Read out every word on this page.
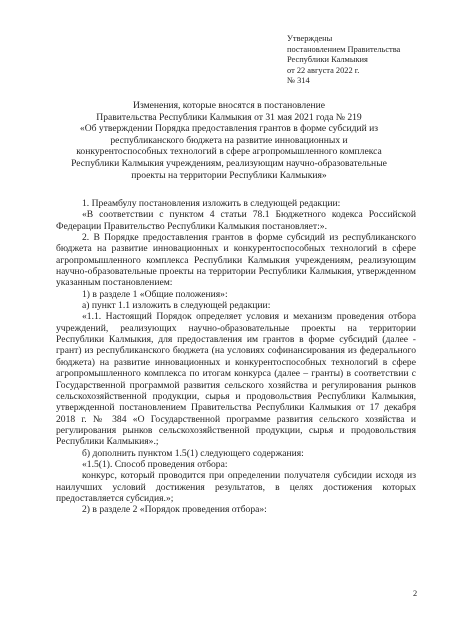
Утверждены
постановлением Правительства
Республики Калмыкия
от 22 августа 2022 г.
№ 314
Изменения, которые вносятся в постановление
Правительства Республики Калмыкия от 31 мая 2021 года № 219
«Об утверждении Порядка предоставления грантов в форме субсидий из
республиканского бюджета на развитие инновационных и
конкурентоспособных технологий в сфере агропромышленного комплекса
Республики Калмыкия учреждениям, реализующим научно-образовательные
проекты на территории Республики Калмыкия»

1. Преамбулу постановления изложить в следующей редакции:

«В соответствии с пунктом 4 статьи 78.1 Бюджетного кодекса Российской Федерации Правительство Республики Калмыкия постановляет:».

2. В Порядке предоставления грантов в форме субсидий из республиканского бюджета на развитие инновационных и конкурентоспособных технологий в сфере агропромышленного комплекса Республики Калмыкия учреждениям, реализующим научно-образовательные проекты на территории Республики Калмыкия, утвержденном указанным постановлением:

1) в разделе 1 «Общие положения»:

а) пункт 1.1 изложить в следующей редакции:

«1.1. Настоящий Порядок определяет условия и механизм проведения отбора учреждений, реализующих научно-образовательные проекты на территории Республики Калмыкия, для предоставления им грантов в форме субсидий (далее - грант) из республиканского бюджета (на условиях софинансирования из федерального бюджета) на развитие инновационных и конкурентоспособных технологий в сфере агропромышленного комплекса по итогам конкурса (далее – гранты) в соответствии с Государственной программой развития сельского хозяйства и регулирования рынков сельскохозяйственной продукции, сырья и продовольствия Республики Калмыкия, утвержденной постановлением Правительства Республики Калмыкия от 17 декабря 2018 г. № 384 «О Государственной программе развития сельского хозяйства и регулирования рынков сельскохозяйственной продукции, сырья и продовольствия Республики Калмыкия».;

б) дополнить пунктом 1.5(1) следующего содержания:

«1.5(1). Способ проведения отбора:

конкурс, который проводится при определении получателя субсидии исходя из наилучших условий достижения результатов, в целях достижения которых предоставляется субсидия.»;

2) в разделе 2 «Порядок проведения отбора»:

2
